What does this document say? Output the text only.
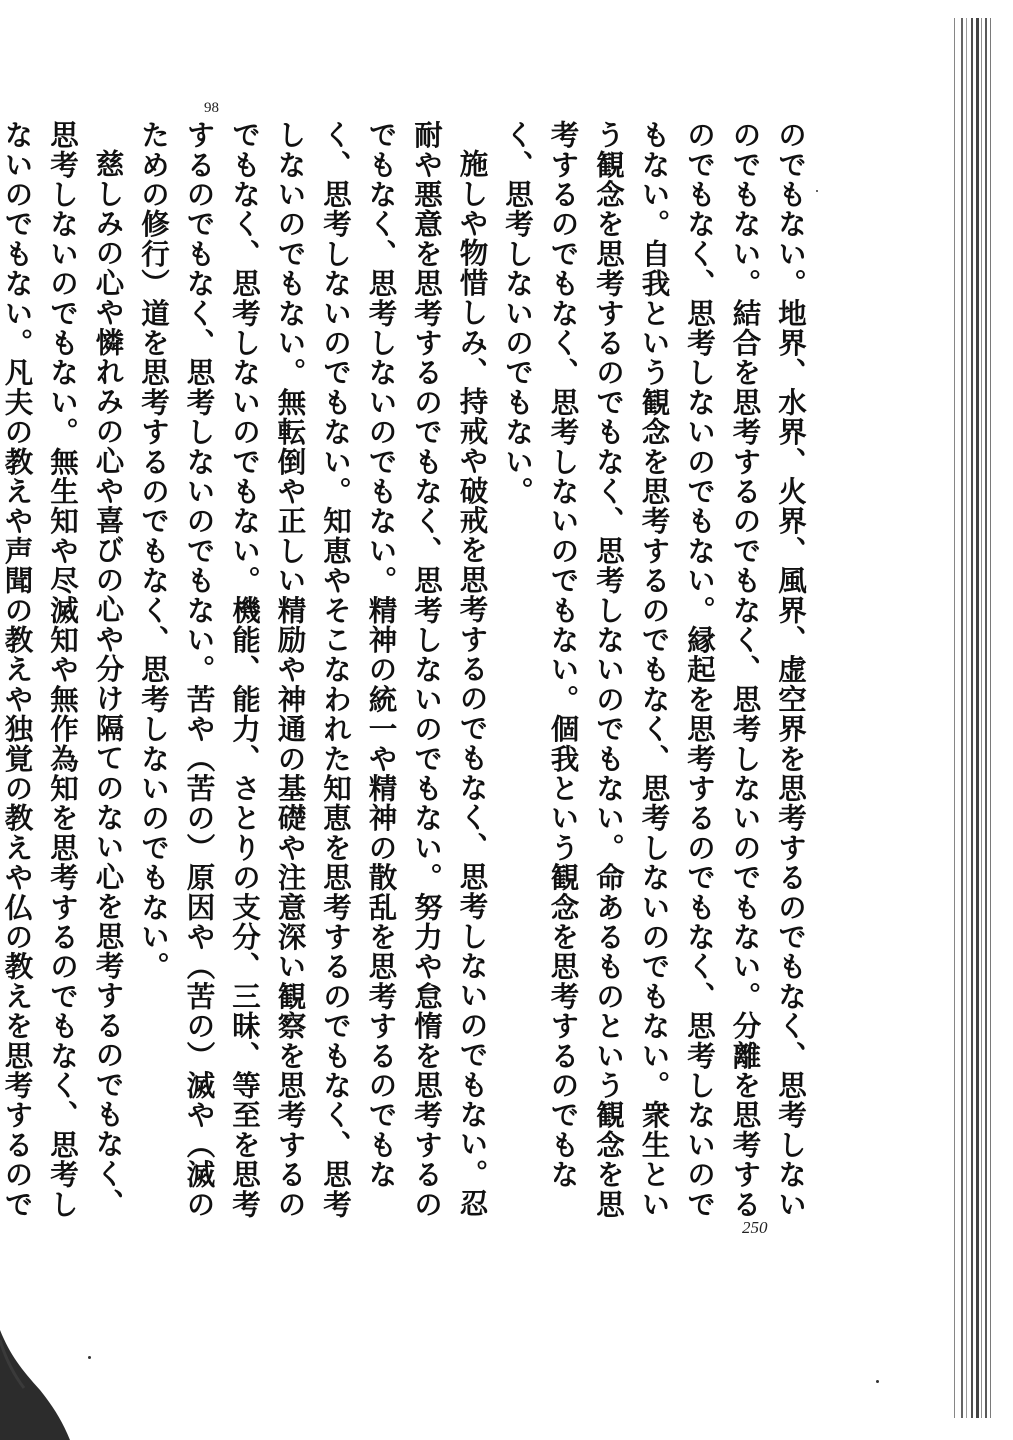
98
のでもない。地界、水界、火界、風界、虚空界を思考するのでもなく、思考しないのでもない。結合を思考するのでもなく、思考しないのでもない。分離を思考するのでもなく、思考しないのでもない。縁起を思考するのでもなく、思考しないのでもない。自我という観念を思考するのでもなく、思考しないのでもない。衆生という観念を思考するのでもなく、思考しないのでもない。命あるものという観念を思考するのでもなく、思考しないのでもない。個我という観念を思考するのでもなく、思考しないのでもない。
施しや物惜しみ、持戒や破戒を思考するのでもなく、思考しないのでもない。忍耐や悪意を思考するのでもなく、思考しないのでもない。努力や怠惰を思考するのでもなく、思考しないのでもない。精神の統一や精神の散乱を思考するのでもなく、思考しないのでもない。知恵やそこなわれた知恵を思考するのでもなく、思考しないのでもない。無転倒や正しい精励や神通の基礎や注意深い観察を思考するのでもなく、思考しないのでもない。機能、能力、さとりの支分、三昧、等至を思考するのでもなく、思考しないのでもない。苦や（苦の）原因や（苦の）滅や（滅のための修行）道を思考するのでもなく、思考しないのでもない。
慈しみの心や憐れみの心や喜びの心や分け隔てのない心を思考するのでもなく、思考しないのでもない。無生知や尽滅知や無作為知を思考するのでもなく、思考しないのでもない。凡夫の教えや声聞の教えや独覚の教えや仏の教えを思考するので
250
